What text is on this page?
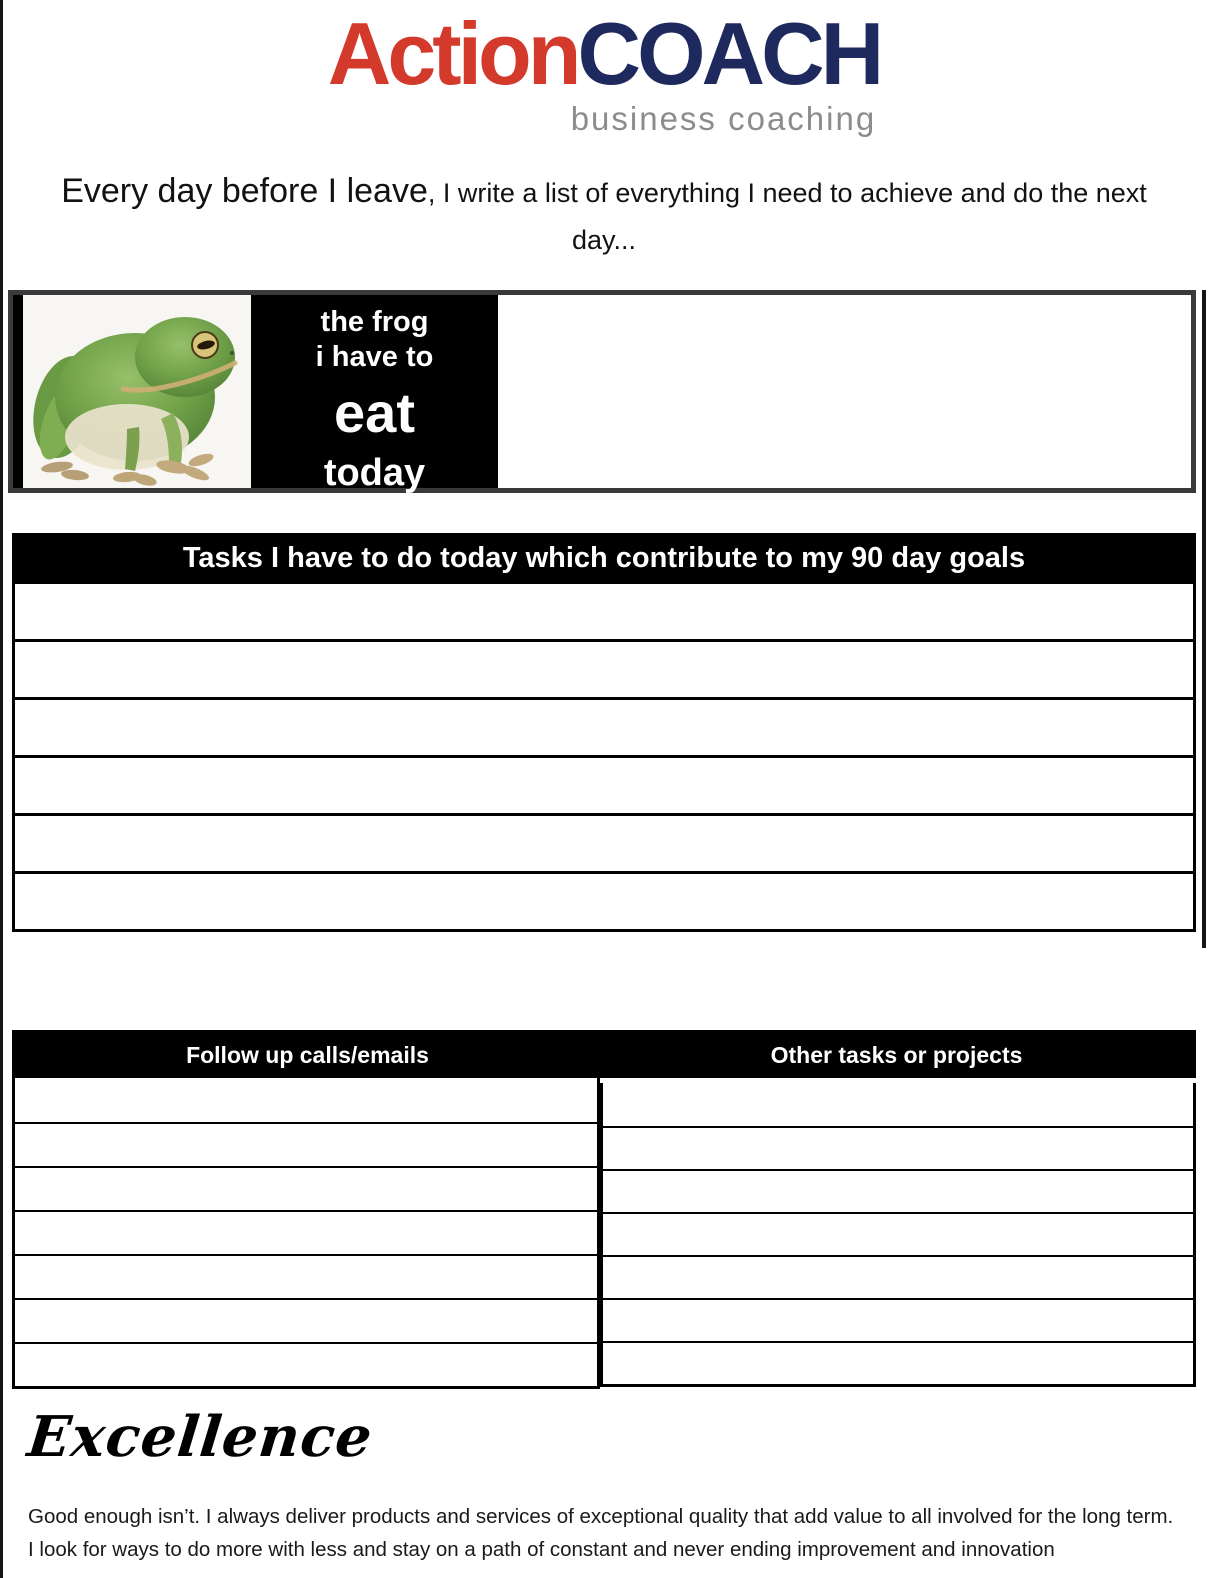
ActionCOACH
business coaching
Every day before I leave, I write a list of everything I need to achieve and do the next
day...
the frog
i have to
eat
today
Tasks I have to do today which contribute to my 90 day goals
Follow up calls/emails	Other tasks or projects
Excellence
Good enough isn’t. I always deliver products and services of exceptional quality that add value to all involved for the long term.
I look for ways to do more with less and stay on a path of constant and never ending improvement and innovation
